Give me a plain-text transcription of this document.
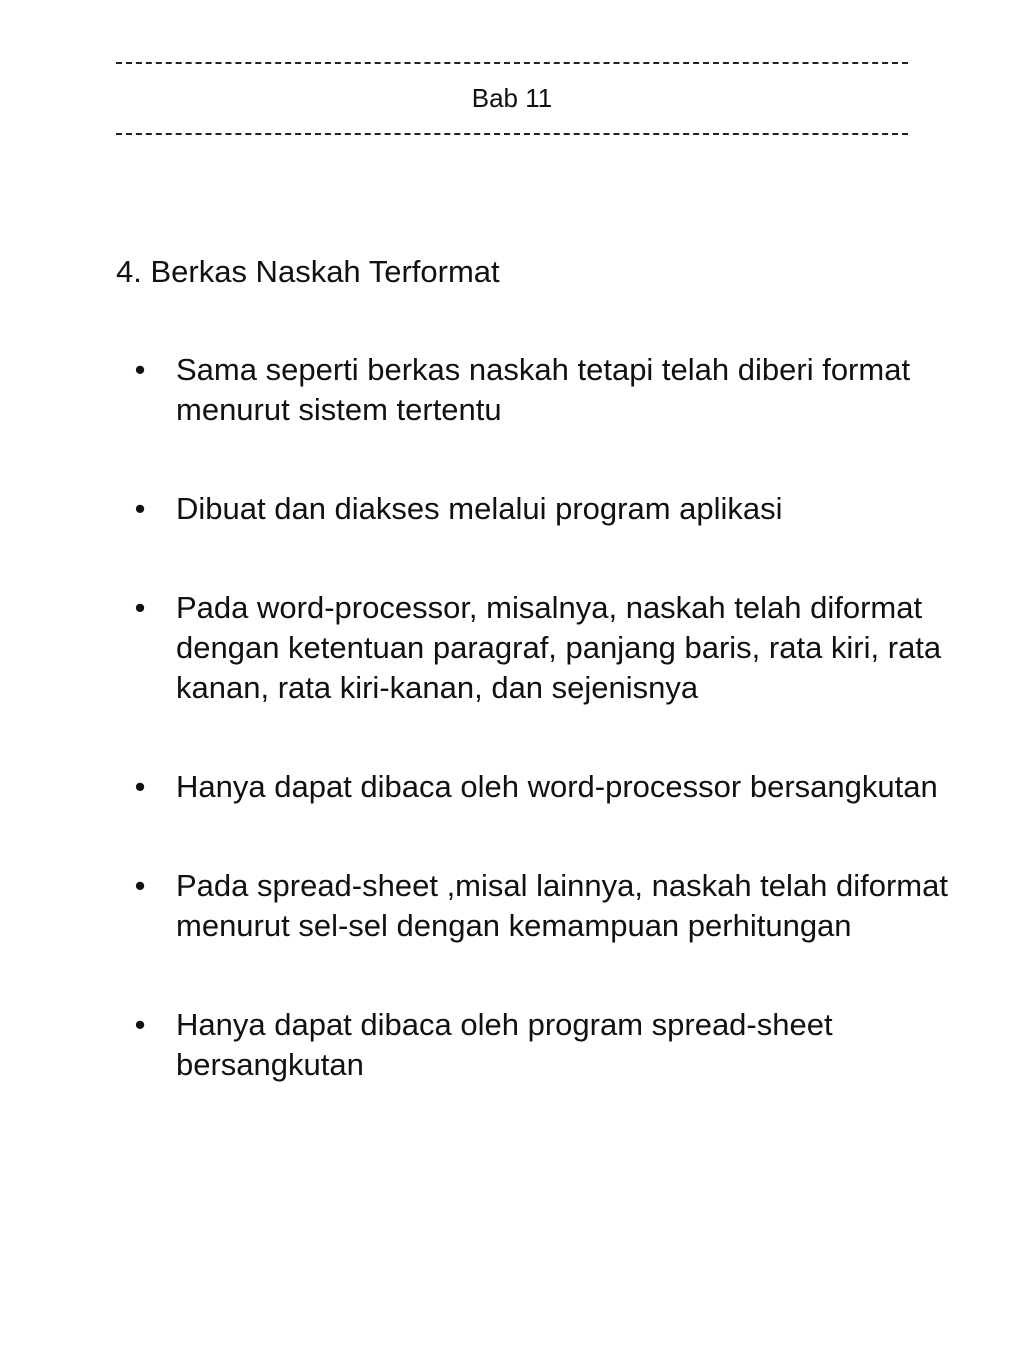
Bab 11
4. Berkas Naskah Terformat
• Sama seperti berkas naskah tetapi telah diberi format menurut sistem tertentu
• Dibuat dan diakses melalui program aplikasi
• Pada word-processor, misalnya, naskah telah diformat dengan ketentuan paragraf, panjang baris, rata kiri, rata kanan, rata kiri-kanan, dan sejenisnya
• Hanya dapat dibaca oleh word-processor bersangkutan
• Pada spread-sheet ,misal lainnya, naskah telah diformat menurut sel-sel dengan kemampuan perhitungan
• Hanya dapat dibaca oleh program spread-sheet bersangkutan
